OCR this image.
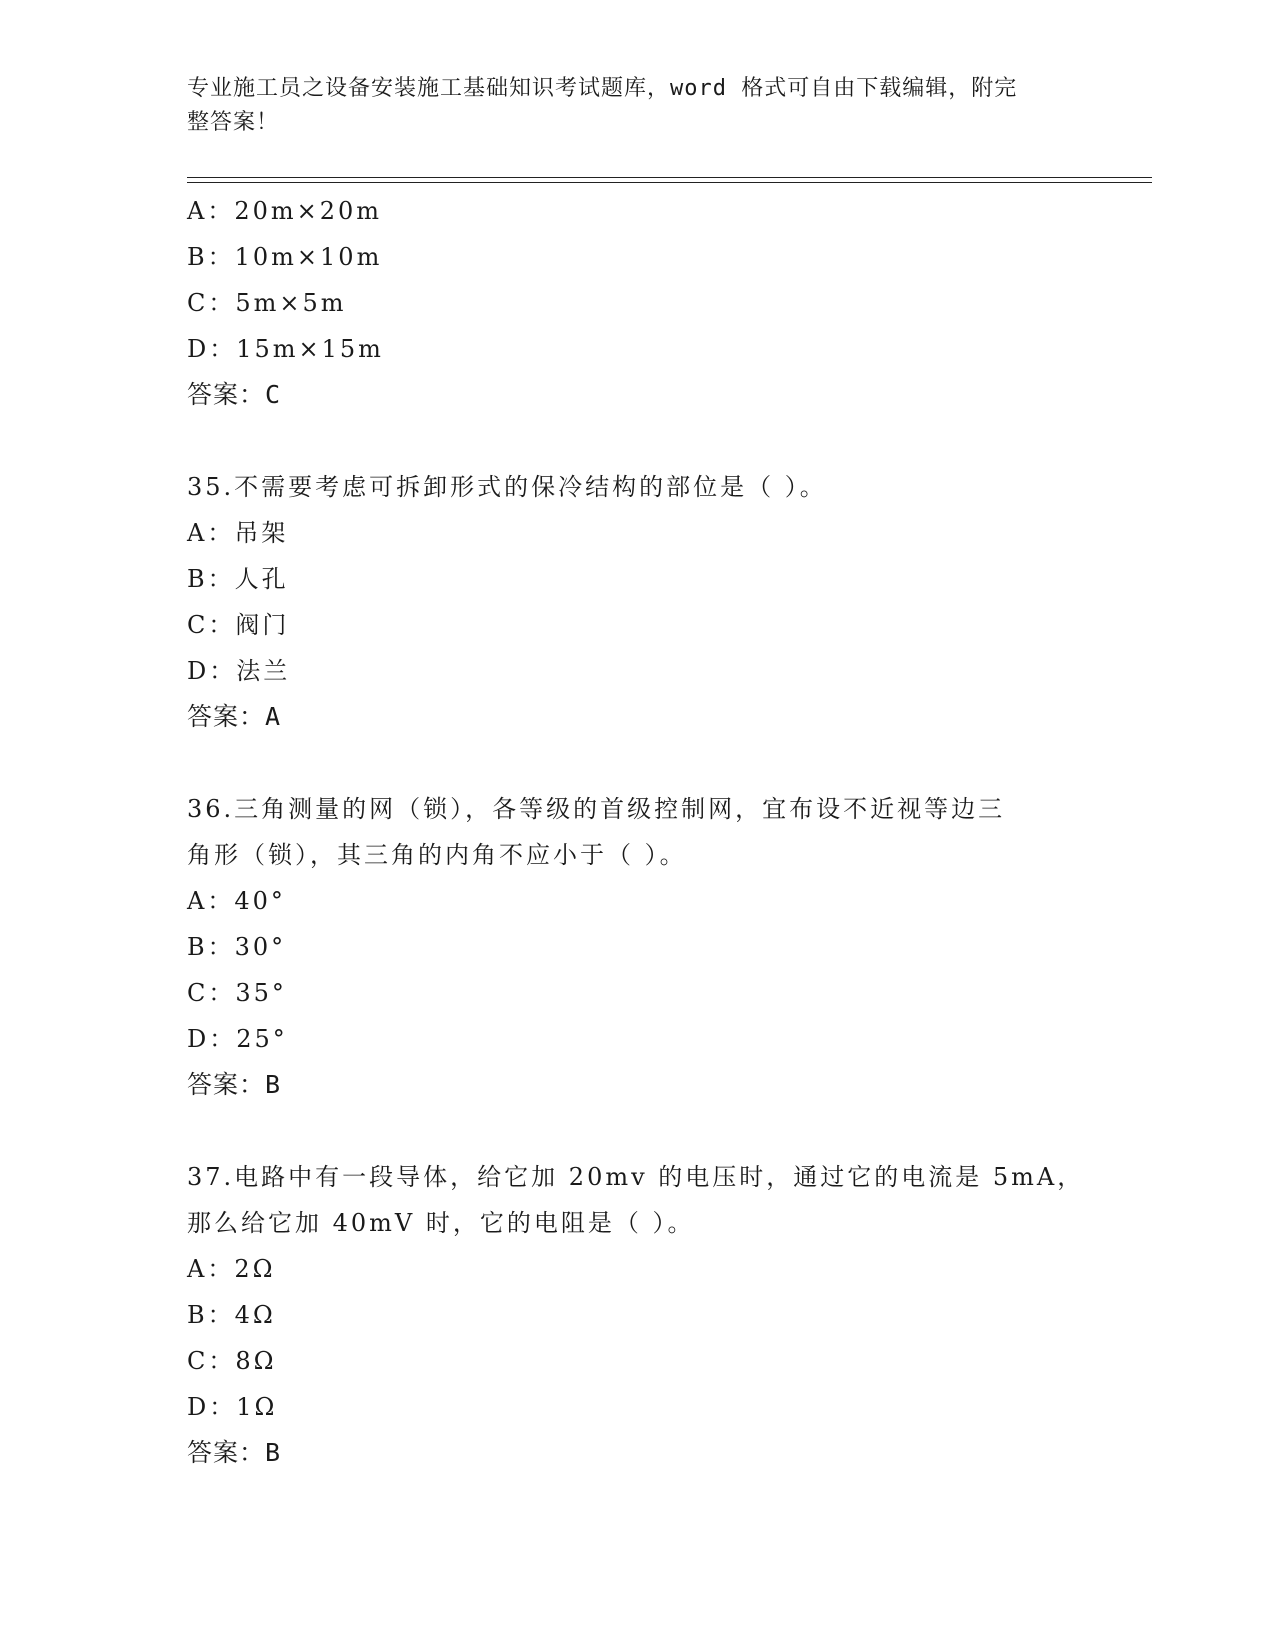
专业施工员之设备安装施工基础知识考试题库，word 格式可自由下载编辑，附完
整答案！
A：20m×20m
B：10m×10m
C：5m×5m
D：15m×15m
答案：C
35.不需要考虑可拆卸形式的保冷结构的部位是（ ）。
A：吊架
B：人孔
C：阀门
D：法兰
答案：A
36.三角测量的网（锁），各等级的首级控制网，宜布设不近视等边三
角形（锁），其三角的内角不应小于（ ）。
A：40°
B：30°
C：35°
D：25°
答案：B
37.电路中有一段导体，给它加 20mv 的电压时，通过它的电流是 5mA，
那么给它加 40mV 时，它的电阻是（ ）。
A：2Ω
B：4Ω
C：8Ω
D：1Ω
答案：B
